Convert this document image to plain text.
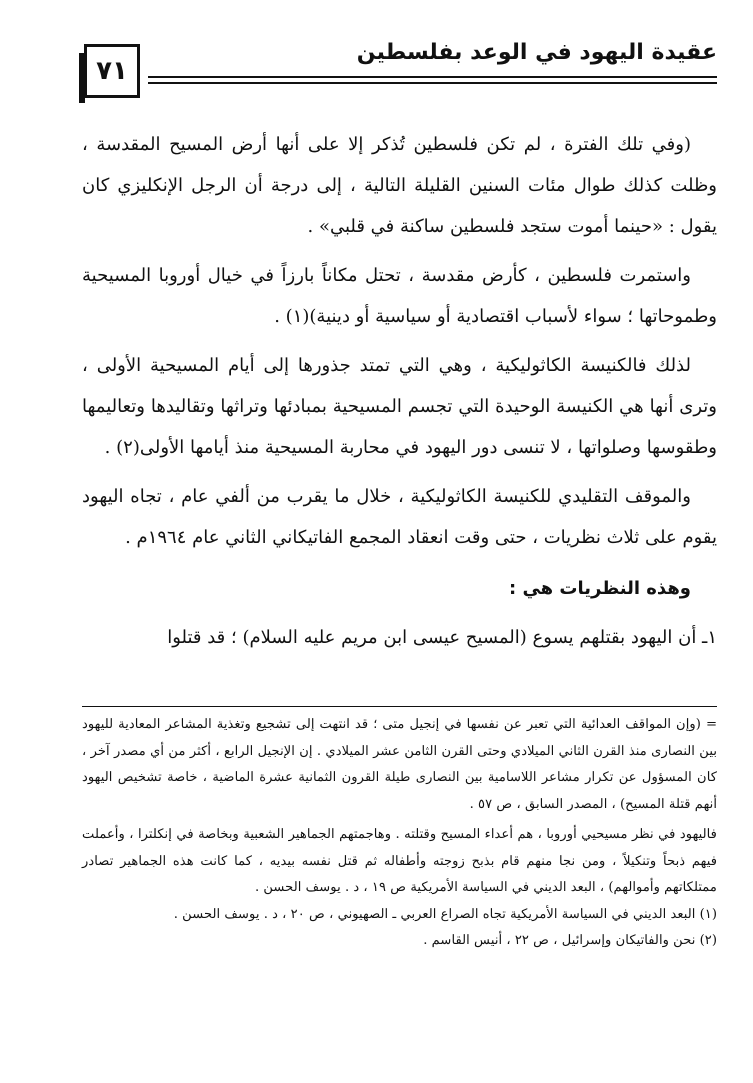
٧١
عقيدة اليهود في الوعد بفلسطين

(وفي تلك الفترة ، لم تكن فلسطين تُذكر إلا على أنها أرض المسيح المقدسة ، وظلت كذلك طوال مئات السنين القليلة التالية ، إلى درجة أن الرجل الإنكليزي كان يقول : «حينما أموت ستجد فلسطين ساكنة في قلبي» .

واستمرت فلسطين ، كأرض مقدسة ، تحتل مكاناً بارزاً في خيال أوروبا المسيحية وطموحاتها ؛ سواء لأسباب اقتصادية أو سياسية أو دينية)(١) .

لذلك فالكنيسة الكاثوليكية ، وهي التي تمتد جذورها إلى أيام المسيحية الأولى ، وترى أنها هي الكنيسة الوحيدة التي تجسم المسيحية بمبادئها وتراثها وتقاليدها وتعاليمها وطقوسها وصلواتها ، لا تنسى دور اليهود في محاربة المسيحية منذ أيامها الأولى(٢) .

والموقف التقليدي للكنيسة الكاثوليكية ، خلال ما يقرب من ألفي عام ، تجاه اليهود يقوم على ثلاث نظريات ، حتى وقت انعقاد المجمع الفاتيكاني الثاني عام ١٩٦٤م .

وهذه النظريات هي :

١ـ أن اليهود بقتلهم يسوع (المسيح عيسى ابن مريم عليه السلام) ؛ قد قتلوا

= (وإن المواقف العدائية التي تعبر عن نفسها في إنجيل متى ؛ قد انتهت إلى تشجيع وتغذية المشاعر المعادية لليهود بين النصارى منذ القرن الثاني الميلادي وحتى القرن الثامن عشر الميلادي . إن الإنجيل الرابع ، أكثر من أي مصدر آخر ، كان المسؤول عن تكرار مشاعر اللاسامية بين النصارى طيلة القرون الثمانية عشرة الماضية ، خاصة تشخيص اليهود أنهم قتلة المسيح) ، المصدر السابق ، ص ٥٧ .

فاليهود في نظر مسيحيي أوروبا ، هم أعداء المسيح وقتلته . وهاجمتهم الجماهير الشعبية وبخاصة في إنكلترا ، وأعملت فيهم ذبحاً وتنكيلاً ، ومن نجا منهم قام بذبح زوجته وأطفاله ثم قتل نفسه بيديه ، كما كانت هذه الجماهير تصادر ممتلكاتهم وأموالهم) ، البعد الديني في السياسة الأمريكية ص ١٩ ، د . يوسف الحسن .

(١) البعد الديني في السياسة الأمريكية تجاه الصراع العربي ـ الصهيوني ، ص ٢٠ ، د . يوسف الحسن .

(٢) نحن والفاتيكان وإسرائيل ، ص ٢٢ ، أنيس القاسم .
